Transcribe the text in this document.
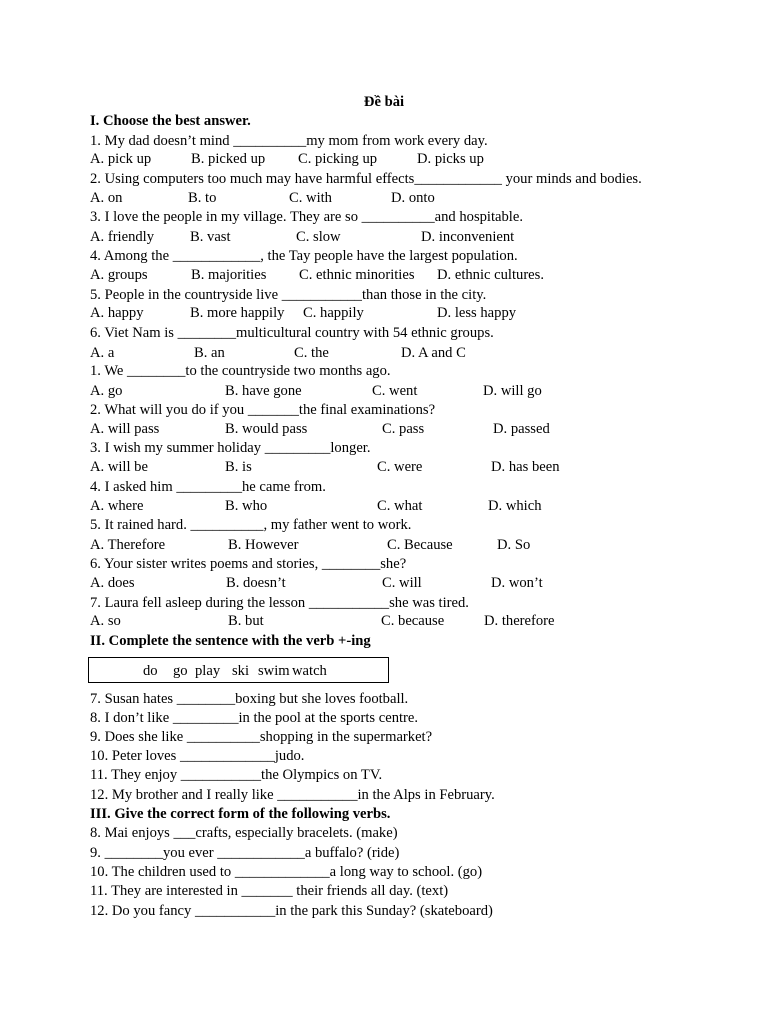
Đề bài
I. Choose the best answer.
1. My dad doesn’t mind __________my mom from work every day.
A. pick up	B. picked up C. picking up	D. picks up
2. Using computers too much may have harmful effects____________ your minds and bodies.
A. on	B. to	C. with	D. onto
3. I love the people in my village. They are so __________and hospitable.
A. friendly B. vast	C. slow	D. inconvenient
4. Among the ____________, the Tay people have the largest population.
A. groups	B. majorities C. ethnic minorities D. ethnic cultures.
5. People in the countryside live ___________than those in the city.
A. happy	B. more happily C. happily	D. less happy
6. Viet Nam is ________multicultural country with 54 ethnic groups.
A. a	B. an	C. the	D. A and C
1. We ________to the countryside two months ago.
A. go	B. have gone	C. went	D. will go
2. What will you do if you _______the final examinations?
A. will pass	B. would pass	C. pass	D. passed
3. I wish my summer holiday _________longer.
A. will be	B. is	C. were	D. has been
4. I asked him _________he came from.
A. where	B. who	C. what	D. which
5. It rained hard. __________, my father went to work.
A. Therefore	B. However	C. Because	D. So
6. Your sister writes poems and stories, ________she?
A. does	B. doesn’t	C. will	D. won’t
7. Laura fell asleep during the lesson ___________she was tired.
A. so	B. but	C. because	D. therefore
II. Complete the sentence with the verb +-ing
do go play ski swim watch
7. Susan hates ________boxing but she loves football.
8. I don’t like _________in the pool at the sports centre.
9. Does she like __________shopping in the supermarket?
10. Peter loves _____________judo.
11. They enjoy ___________the Olympics on TV.
12. My brother and I really like ___________in the Alps in February.
III. Give the correct form of the following verbs.
8. Mai enjoys ___crafts, especially bracelets. (make)
9. ________you ever ____________a buffalo? (ride)
10. The children used to _____________a long way to school. (go)
11. They are interested in _______ their friends all day. (text)
12. Do you fancy ___________in the park this Sunday? (skateboard)
